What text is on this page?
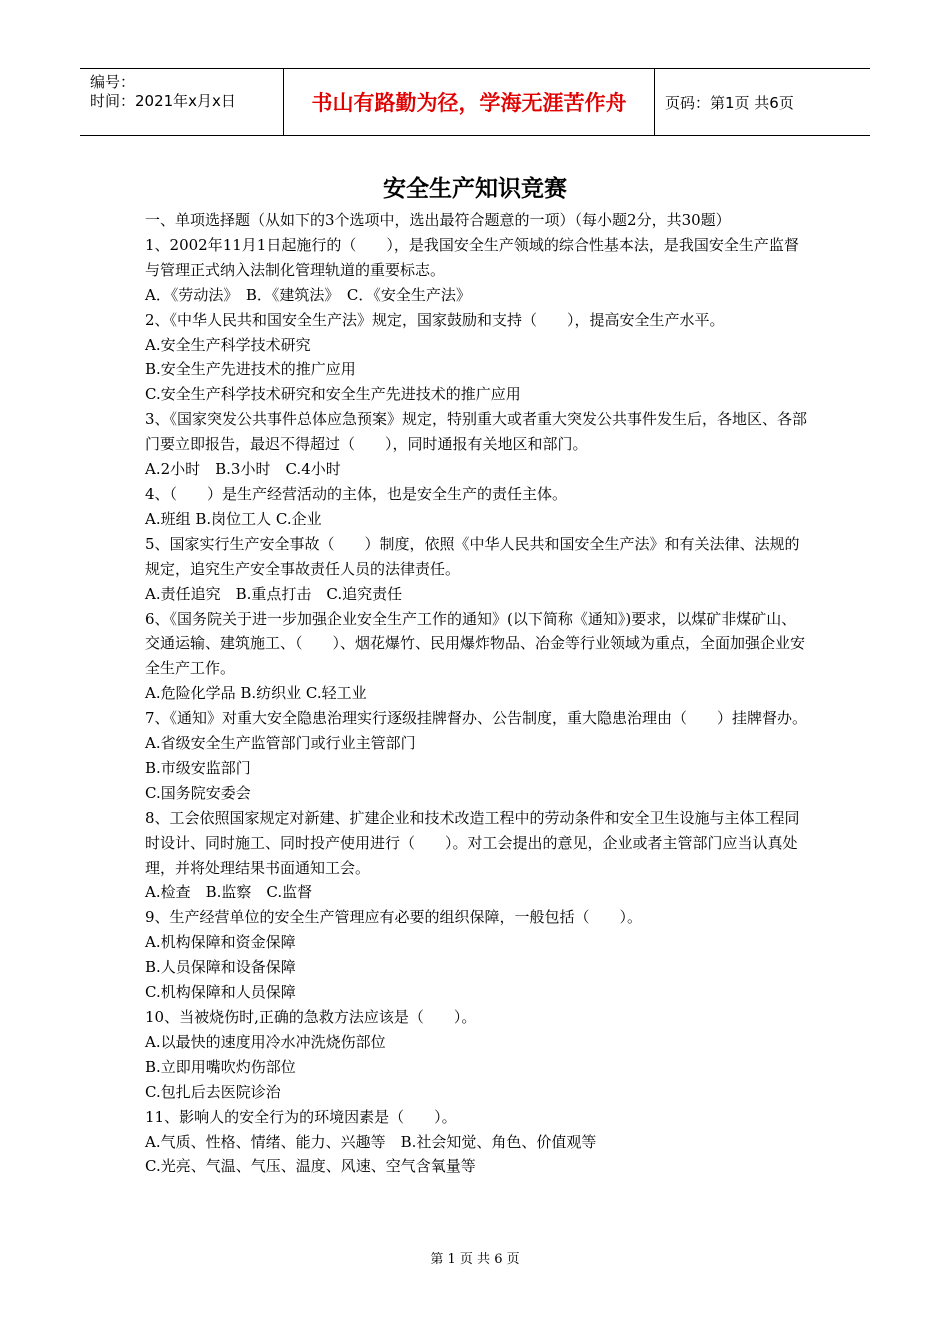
编号：
时间：2021年x月x日	书山有路勤为径，学海无涯苦作舟	页码：第1页 共6页
安全生产知识竞赛

一、单项选择题（从如下的3个选项中，选出最符合题意的一项）（每小题2分，共30题）

1、2002年11月1日起施行的（　　），是我国安全生产领域的综合性基本法，是我国安全生产监督与管理正式纳入法制化管理轨道的重要标志。

A．《劳动法》　B．《建筑法》　C．《安全生产法》

2、《中华人民共和国安全生产法》规定，国家鼓励和支持（　　），提高安全生产水平。

A.安全生产科学技术研究

B.安全生产先进技术的推广应用

C.安全生产科学技术研究和安全生产先进技术的推广应用

3、《国家突发公共事件总体应急预案》规定，特别重大或者重大突发公共事件发生后，各地区、各部门要立即报告，最迟不得超过（　　），同时通报有关地区和部门。

A.2小时　B.3小时　C.4小时

4、（　　）是生产经营活动的主体，也是安全生产的责任主体。

A.班组 B.岗位工人 C.企业

5、国家实行生产安全事故（　　）制度，依照《中华人民共和国安全生产法》和有关法律、法规的规定，追究生产安全事故责任人员的法律责任。

A.责任追究　B.重点打击　C.追究责任

6、《国务院关于进一步加强企业安全生产工作的通知》(以下简称《通知》)要求，以煤矿非煤矿山、交通运输、建筑施工、（　　）、烟花爆竹、民用爆炸物品、冶金等行业领域为重点，全面加强企业安全生产工作。

A.危险化学品 B.纺织业 C.轻工业

7、《通知》对重大安全隐患治理实行逐级挂牌督办、公告制度，重大隐患治理由（　　）挂牌督办。

A.省级安全生产监管部门或行业主管部门

B.市级安监部门

C.国务院安委会

8、工会依照国家规定对新建、扩建企业和技术改造工程中的劳动条件和安全卫生设施与主体工程同时设计、同时施工、同时投产使用进行（　　）。对工会提出的意见，企业或者主管部门应当认真处理，并将处理结果书面通知工会。

A.检查　B.监察　C.监督

9、生产经营单位的安全生产管理应有必要的组织保障，一般包括（　　）。

A.机构保障和资金保障

B.人员保障和设备保障

C.机构保障和人员保障

10、当被烧伤时,正确的急救方法应该是（　　）。

A.以最快的速度用冷水冲洗烧伤部位

B.立即用嘴吹灼伤部位

C.包扎后去医院诊治

11、影响人的安全行为的环境因素是（　　）。

A.气质、性格、情绪、能力、兴趣等　B.社会知觉、角色、价值观等

C.光亮、气温、气压、温度、风速、空气含氧量等

第 1 页 共 6 页
